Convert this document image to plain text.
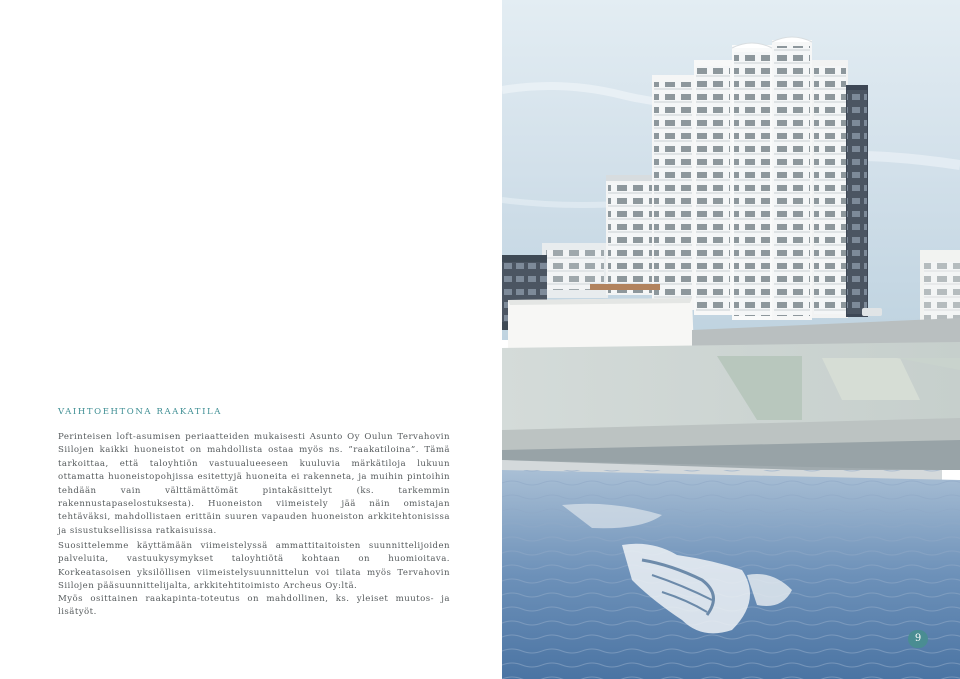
VAIHTOEHTONA RAAKATILA

Perinteisen loft-asumisen periaatteiden mukaisesti Asunto Oy Oulun Tervahovin Siilojen kaikki huoneistot on mahdollista ostaa myös ns. ”raakatiloina”. Tämä tarkoittaa, että taloyhtiön vastuualueeseen kuuluvia märkätiloja lukuun ottamatta huoneistopohjissa esitettyjä huoneita ei rakenneta, ja muihin pintoihin tehdään vain välttämättömät pintakäsittelyt (ks. tarkemmin rakennustapaselostuksesta). Huoneiston viimeistely jää näin omistajan tehtäväksi, mahdollistaen erittäin suuren vapauden huoneiston arkkitehtonisissa ja sisustuksellisissa ratkaisuissa.

Suosittelemme käyttämään viimeistelyssä ammattitaitoisten suunnittelijoiden palveluita, vastuukysymykset taloyhtiötä kohtaan on huomioitava. Korkeatasoisen yksilöllisen viimeistelysuunnittelun voi tilata myös Tervahovin Siilojen pääsuunnittelijalta, arkkitehtitoimisto Archeus Oy:ltä.

Myös osittainen raakapinta-toteutus on mahdollinen, ks. yleiset muutos- ja lisätyöt.

9
